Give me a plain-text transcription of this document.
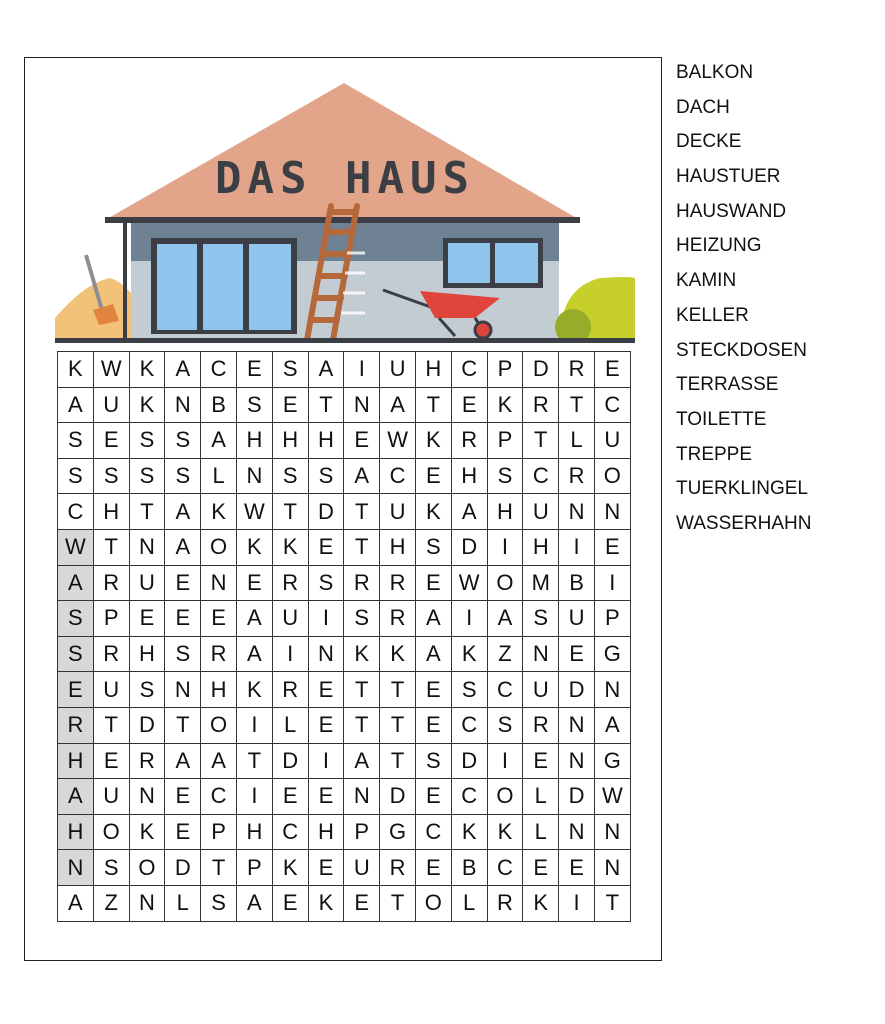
DAS HAUS
K	W	K	A	C	E	S	A	I	U	H	C	P	D	R	E
A	U	K	N	B	S	E	T	N	A	T	E	K	R	T	C
S	E	S	S	A	H	H	H	E	W	K	R	P	T	L	U
S	S	S	S	L	N	S	S	A	C	E	H	S	C	R	O
C	H	T	A	K	W	T	D	T	U	K	A	H	U	N	N
W	T	N	A	O	K	K	E	T	H	S	D	I	H	I	E
A	R	U	E	N	E	R	S	R	R	E	W	O	M	B	I
S	P	E	E	E	A	U	I	S	R	A	I	A	S	U	P
S	R	H	S	R	A	I	N	K	K	A	K	Z	N	E	G
E	U	S	N	H	K	R	E	T	T	E	S	C	U	D	N
R	T	D	T	O	I	L	E	T	T	E	C	S	R	N	A
H	E	R	A	A	T	D	I	A	T	S	D	I	E	N	G
A	U	N	E	C	I	E	E	N	D	E	C	O	L	D	W
H	O	K	E	P	H	C	H	P	G	C	K	K	L	N	N
N	S	O	D	T	P	K	E	U	R	E	B	C	E	E	N
A	Z	N	L	S	A	E	K	E	T	O	L	R	K	I	T
BALKON
DACH
DECKE
HAUSTUER
HAUSWAND
HEIZUNG
KAMIN
KELLER
STECKDOSEN
TERRASSE
TOILETTE
TREPPE
TUERKLINGEL
WASSERHAHN
